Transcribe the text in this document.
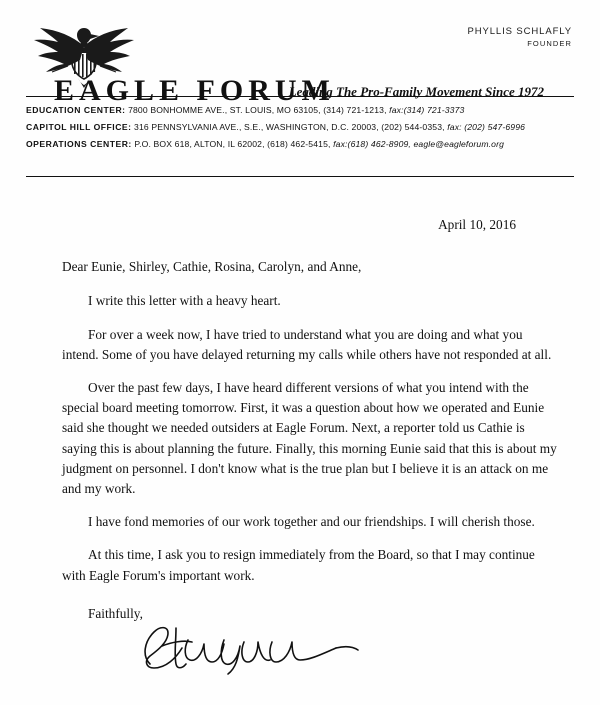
PHYLLIS SCHLAFLY
FOUNDER
EAGLE FORUM
Leading The Pro-Family Movement Since 1972
EDUCATION CENTER: 7800 BONHOMME AVE., ST. LOUIS, MO 63105, (314) 721-1213, fax:(314) 721-3373
CAPITOL HILL OFFICE: 316 PENNSYLVANIA AVE., S.E., WASHINGTON, D.C. 20003, (202) 544-0353, fax: (202) 547-6996
OPERATIONS CENTER: P.O. BOX 618, ALTON, IL 62002, (618) 462-5415, fax:(618) 462-8909, eagle@eagleforum.org
April 10, 2016
Dear Eunie, Shirley, Cathie, Rosina, Carolyn, and Anne,

I write this letter with a heavy heart.

For over a week now, I have tried to understand what you are doing and what you intend. Some of you have delayed returning my calls while others have not responded at all.

Over the past few days, I have heard different versions of what you intend with the special board meeting tomorrow. First, it was a question about how we operated and Eunie said she thought we needed outsiders at Eagle Forum. Next, a reporter told us Cathie is saying this is about planning the future. Finally, this morning Eunie said that this is about my judgment on personnel. I don't know what is the true plan but I believe it is an attack on me and my work.

I have fond memories of our work together and our friendships. I will cherish those.

At this time, I ask you to resign immediately from the Board, so that I may continue with Eagle Forum's important work.

Faithfully,
